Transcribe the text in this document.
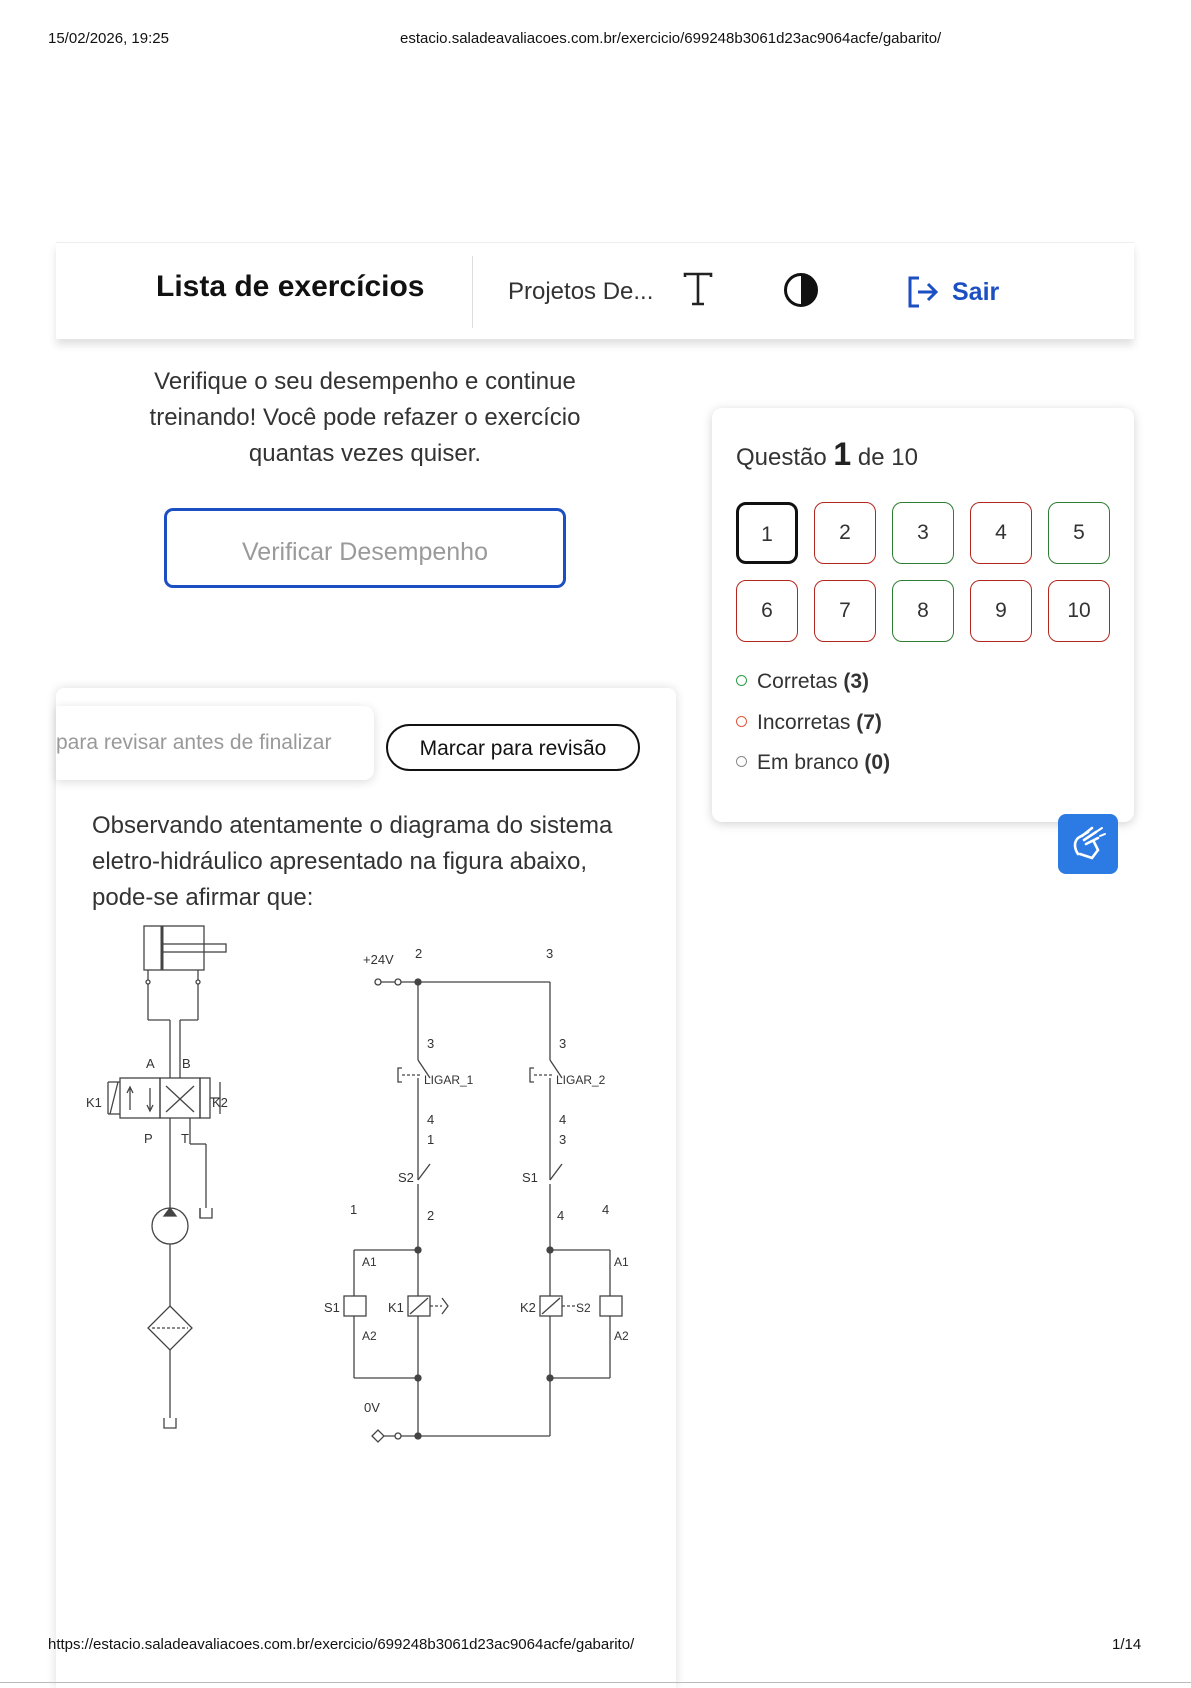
15/02/2026, 19:25	estacio.saladeavaliacoes.com.br/exercicio/699248b3061d23ac9064acfe/gabarito/
Lista de exercícios	Projetos De...	Sair
Verifique o seu desempenho e continue treinando! Você pode refazer o exercício quantas vezes quiser.
Verificar Desempenho
para revisar antes de finalizar	Marcar para revisão
Observando atentamente o diagrama do sistema eletro-hidráulico apresentado na figura abaixo, pode-se afirmar que:
A B
P T
K1	K2
+24V 2	3
3	3
LIGAR_1	LIGAR_2
4
1
4
3
S2	S1
1	2	4	4
A1	A1
S1	K1	K2	S2
A2	A2
0V
Questão 1 de 10
1	2	3	4	5
6	7	8	9	10
Corretas (3)
Incorretas (7)
Em branco (0)
https://estacio.saladeavaliacoes.com.br/exercicio/699248b3061d23ac9064acfe/gabarito/	1/14
